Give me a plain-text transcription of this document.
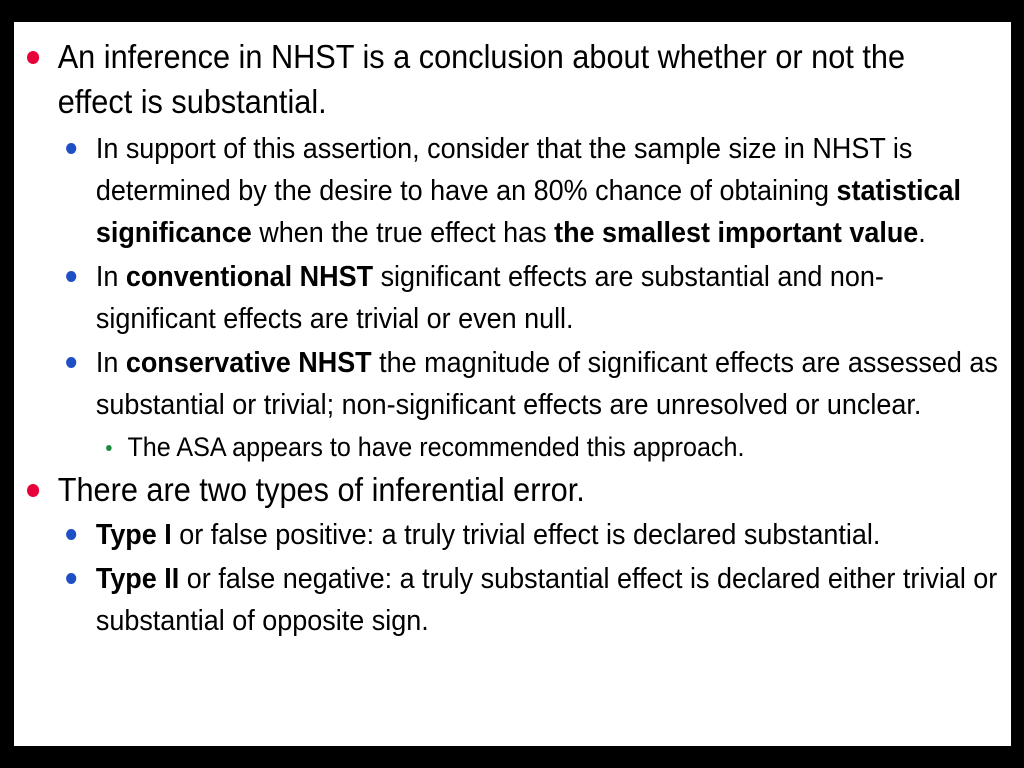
An inference in NHST is a conclusion about whether or not the effect is substantial.
In support of this assertion, consider that the sample size in NHST is determined by the desire to have an 80% chance of obtaining statistical significance when the true effect has the smallest important value.
In conventional NHST significant effects are substantial and non-significant effects are trivial or even null.
In conservative NHST the magnitude of significant effects are assessed as substantial or trivial; non-significant effects are unresolved or unclear.
The ASA appears to have recommended this approach.
There are two types of inferential error.
Type I or false positive: a truly trivial effect is declared substantial.
Type II or false negative: a truly substantial effect is declared either trivial or substantial of opposite sign.
